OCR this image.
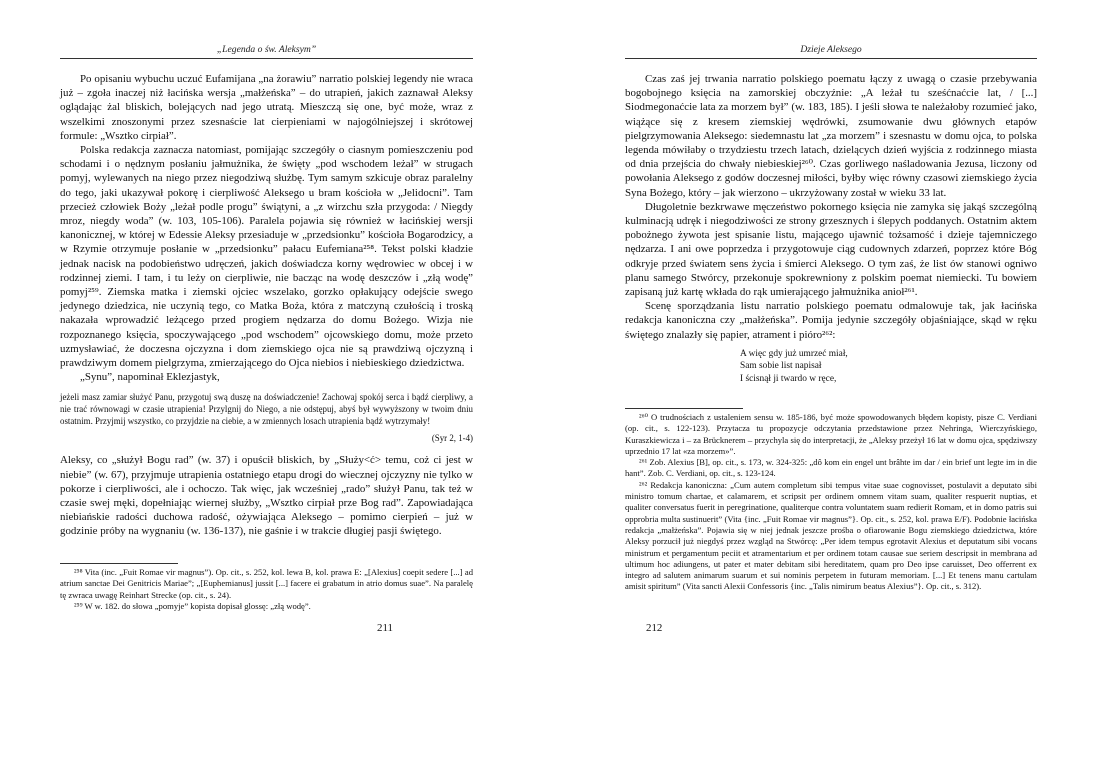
„Legenda o św. Aleksym”

Po opisaniu wybuchu uczuć Eufamijana „na żorawiu” narratio polskiej legendy nie wraca już – zgoła inaczej niż łacińska wersja „małżeńska” – do utrapień, jakich zaznawał Aleksy oglądając żal bliskich, bolejących nad jego utratą. Mieszczą się one, być może, wraz z wszelkimi znoszonymi przez szesnaście lat cierpieniami w najogólniejszej i skrótowej formule: „Wsztko cirpiał”.

Polska redakcja zaznacza natomiast, pomijając szczegóły o ciasnym pomieszczeniu pod schodami i o nędznym posłaniu jałmużnika, że święty „pod wschodem leżał” w strugach pomyj, wylewanych na niego przez niegodziwą służbę. Tym samym szkicuje obraz paralelny do tego, jaki ukazywał pokorę i cierpliwość Aleksego u bram kościoła w „Jelidocni”. Tam przecież człowiek Boży „leżał podle progu” świątyni, a „z wirzchu szła przygoda: / Niegdy mroz, niegdy woda” (w. 103, 105-106). Paralela pojawia się również w łacińskiej wersji kanonicznej, w której w Edessie Aleksy przesiaduje w „przedsionku” kościoła Bogarodzicy, a w Rzymie otrzymuje posłanie w „przedsionku” pałacu Eufemiana²⁵⁸. Tekst polski kładzie jednak nacisk na podobieństwo udręczeń, jakich doświadcza korny wędrowiec w obcej i w rodzinnej ziemi. I tam, i tu leży on cierpliwie, nie bacząc na wodę deszczów i „złą wodę” pomyj²⁵⁹. Ziemska matka i ziemski ojciec wszelako, gorzko opłakujący odejście swego jedynego dziedzica, nie uczynią tego, co Matka Boża, która z matczyną czułością i troską nakazała wprowadzić leżącego przed progiem nędzarza do domu Bożego. Wizja nie rozpoznanego księcia, spoczywającego „pod wschodem” ojcowskiego domu, może przeto uzmysławiać, że doczesna ojczyzna i dom ziemskiego ojca nie są prawdziwą ojczyzną i prawdziwym domem pielgrzyma, zmierzającego do Ojca niebios i niebieskiego dziedzictwa.

„Synu”, napominał Eklezjastyk,

jeżeli masz zamiar służyć Panu, przygotuj swą duszę na doświadczenie! Zachowaj spokój serca i bądź cierpliwy, a nie trać równowagi w czasie utrapienia! Przylgnij do Niego, a nie odstępuj, abyś był wywyższony w twoim dniu ostatnim. Przyjmij wszystko, co przyjdzie na ciebie, a w zmiennych losach utrapienia bądź wytrzymały!
(Syr 2, 1-4)

Aleksy, co „służył Bogu rad” (w. 37) i opuścił bliskich, by „Służy<ć> temu, coż ci jest w niebie” (w. 67), przyjmuje utrapienia ostatniego etapu drogi do wiecznej ojczyzny nie tylko w pokorze i cierpliwości, ale i ochoczo. Tak więc, jak wcześniej „rado” służył Panu, tak też w czasie swej męki, dopełniając wiernej służby, „Wsztko cirpiał prze Bog rad”. Zapowiadająca niebiańskie radości duchowa radość, ożywiająca Aleksego – pomimo cierpień – już w godzinie próby na wygnaniu (w. 136-137), nie gaśnie i w trakcie długiej pasji świętego.

²⁵⁸ Vita (inc. „Fuit Romae vir magnus”). Op. cit., s. 252, kol. lewa B, kol. prawa E: „[Alexius] coepit sedere [...] ad atrium sanctae Dei Genitricis Mariae”; „[Euphemianus] jussit [...] facere ei grabatum in atrio domus suae”. Na paralelę tę zwraca uwagę Reinhart Strecke (op. cit., s. 24).

²⁵⁹ W w. 182. do słowa „pomyje” kopista dopisał glossę: „złą wodę”.

211
Dzieje Aleksego

Czas zaś jej trwania narratio polskiego poematu łączy z uwagą o czasie przebywania bogobojnego księcia na zamorskiej obczyźnie: „A leżał tu sześćnaćcie lat, / [...] Siodmegonaćcie lata za morzem był” (w. 183, 185). I jeśli słowa te należałoby rozumieć jako, wiążące się z kresem ziemskiej wędrówki, zsumowanie dwu głównych etapów pielgrzymowania Aleksego: siedemnastu lat „za morzem” i szesnastu w domu ojca, to polska legenda mówiłaby o trzydziestu trzech latach, dzielących dzień wyjścia z rodzinnego miasta od dnia przejścia do chwały niebieskiej²⁶⁰. Czas gorliwego naśladowania Jezusa, liczony od powołania Aleksego z godów doczesnej miłości, byłby więc równy czasowi ziemskiego życia Syna Bożego, który – jak wierzono – ukrzyżowany został w wieku 33 lat.

Długoletnie bezkrwawe męczeństwo pokornego księcia nie zamyka się jakąś szczególną kulminacją udręk i niegodziwości ze strony grzesznych i ślepych poddanych. Ostatnim aktem pobożnego żywota jest spisanie listu, mającego ujawnić tożsamość i dzieje tajemniczego nędzarza. I ani owe poprzedza i przygotowuje ciąg cudownych zdarzeń, poprzez które Bóg odkryje przed światem sens życia i śmierci Aleksego. O tym zaś, że list ów stanowi ogniwo planu samego Stwórcy, przekonuje spokrewniony z polskim poemat niemiecki. Tu bowiem zapisaną już kartę wkłada do rąk umierającego jałmużnika anioł²⁶¹.

Scenę sporządzania listu narratio polskiego poematu odmalowuje tak, jak łacińska redakcja kanoniczna czy „małżeńska”. Pomija jedynie szczegóły objaśniające, skąd w ręku świętego znalazły się papier, atrament i pióro²⁶²:

A więc gdy już umrzeć miał,
Sam sobie list napisał
I ścisnął ji twardo w ręce,

²⁶⁰ O trudnościach z ustaleniem sensu w. 185-186, być może spowodowanych błędem kopisty, pisze C. Verdiani (op. cit., s. 122-123). Przytacza tu propozycje odczytania przedstawione przez Nehringa, Wierczyńskiego, Kuraszkiewicza i – za Brücknerem – przychyla się do interpretacji, że „Aleksy przeżył 16 lat w domu ojca, spędziwszy uprzednio 17 lat «za morzem»”.

²⁶¹ Zob. Alexius [B], op. cit., s. 173, w. 324-325: „dô kom ein engel unt brâhte im dar / ein brief unt legte im in die hant”. Zob. C. Verdiani, op. cit., s. 123-124.

²⁶² Redakcja kanoniczna: „Cum autem completum sibi tempus vitae suae cognovisset, postulavit a deputato sibi ministro tomum chartae, et calamarem, et scripsit per ordinem omnem vitam suam, qualiter respuerit nuptias, et qualiter conversatus fuerit in peregrinatione, qualiterque contra voluntatem suam redierit Romam, et in domo patris sui opprobria multa sustinuerit” (Vita {inc. „Fuit Romae vir magnus”}. Op. cit., s. 252, kol. prawa E/F). Podobnie łacińska redakcja „małżeńska”. Pojawia się w niej jednak jeszcze prośba o ofiarowanie Bogu ziemskiego dziedzictwa, które Aleksy porzucił już niegdyś przez wzgląd na Stwórcę: „Per idem tempus egrotavit Alexius et deputatum sibi vocans ministrum et pergamentum peciit et atramentarium et per ordinem totam causae sue seriem descripsit in membrana ad ultimum hoc adiungens, ut pater et mater debitam sibi hereditatem, quam pro Deo ipse caruisset, Deo offerrent ex integro ad salutem animarum suarum et sui nominis perpetem in futuram memoriam. [...] Et tenens manu cartulam amisit spiritum” (Vita sancti Alexii Confessoris {inc. „Talis nimirum beatus Alexius”}. Op. cit., s. 312).

212
